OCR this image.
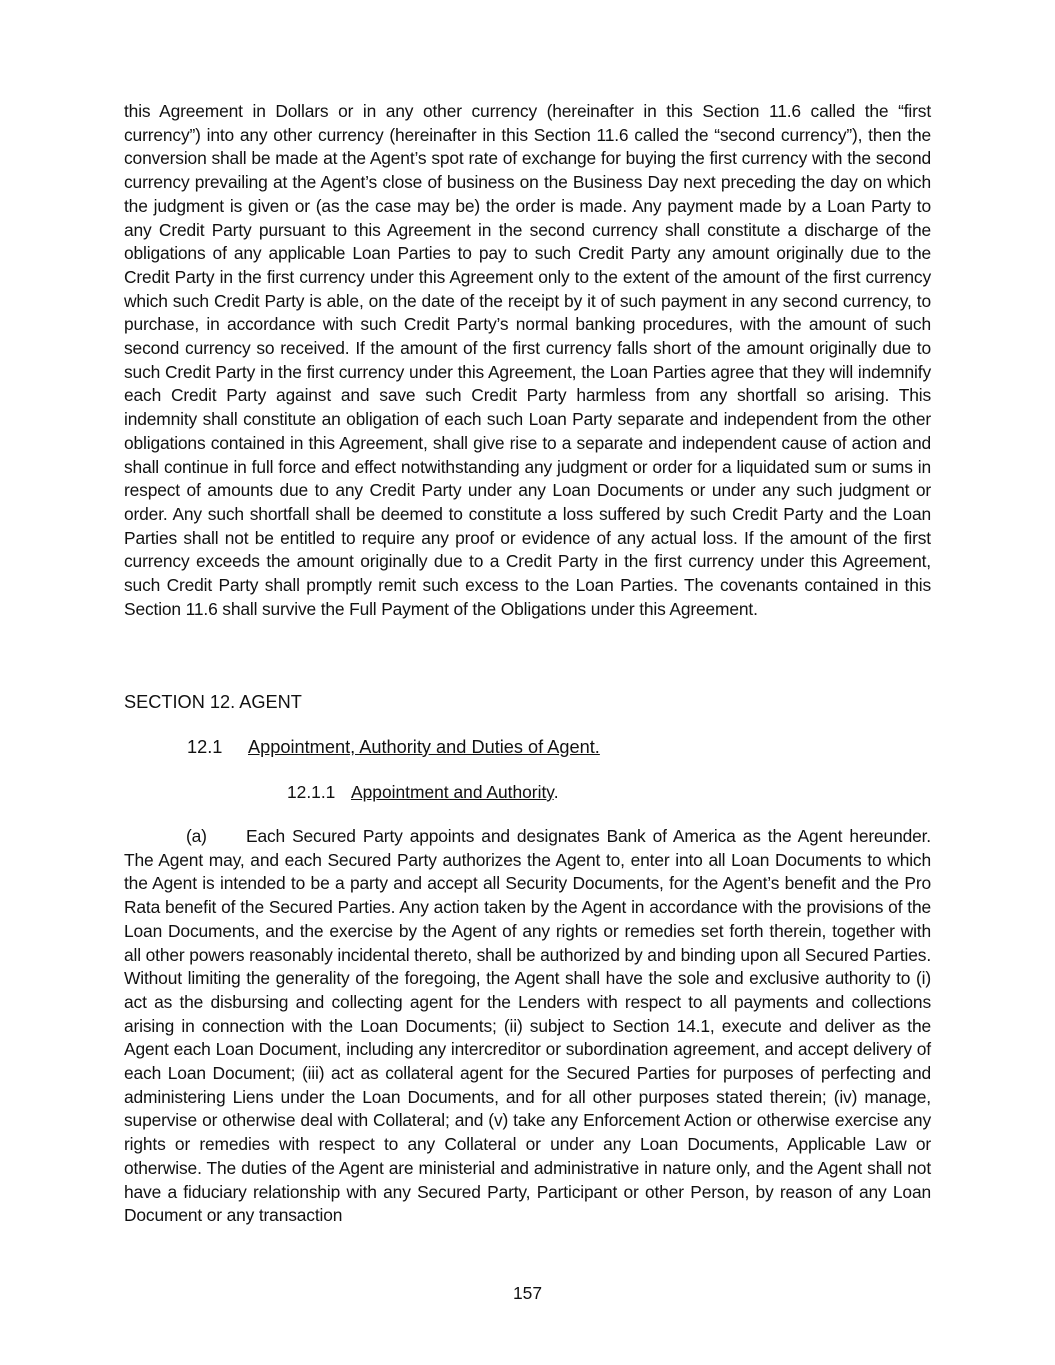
this Agreement in Dollars or in any other currency (hereinafter in this Section 11.6 called the “first currency”) into any other currency (hereinafter in this Section 11.6 called the “second currency”), then the conversion shall be made at the Agent’s spot rate of exchange for buying the first currency with the second currency prevailing at the Agent’s close of business on the Business Day next preceding the day on which the judgment is given or (as the case may be) the order is made. Any payment made by a Loan Party to any Credit Party pursuant to this Agreement in the second currency shall constitute a discharge of the obligations of any applicable Loan Parties to pay to such Credit Party any amount originally due to the Credit Party in the first currency under this Agreement only to the extent of the amount of the first currency which such Credit Party is able, on the date of the receipt by it of such payment in any second currency, to purchase, in accordance with such Credit Party’s normal banking procedures, with the amount of such second currency so received. If the amount of the first currency falls short of the amount originally due to such Credit Party in the first currency under this Agreement, the Loan Parties agree that they will indemnify each Credit Party against and save such Credit Party harmless from any shortfall so arising. This indemnity shall constitute an obligation of each such Loan Party separate and independent from the other obligations contained in this Agreement, shall give rise to a separate and independent cause of action and shall continue in full force and effect notwithstanding any judgment or order for a liquidated sum or sums in respect of amounts due to any Credit Party under any Loan Documents or under any such judgment or order. Any such shortfall shall be deemed to constitute a loss suffered by such Credit Party and the Loan Parties shall not be entitled to require any proof or evidence of any actual loss. If the amount of the first currency exceeds the amount originally due to a Credit Party in the first currency under this Agreement, such Credit Party shall promptly remit such excess to the Loan Parties. The covenants contained in this Section 11.6 shall survive the Full Payment of the Obligations under this Agreement.

SECTION 12. AGENT

12.1 Appointment, Authority and Duties of Agent.

12.1.1 Appointment and Authority.

(a) Each Secured Party appoints and designates Bank of America as the Agent hereunder. The Agent may, and each Secured Party authorizes the Agent to, enter into all Loan Documents to which the Agent is intended to be a party and accept all Security Documents, for the Agent’s benefit and the Pro Rata benefit of the Secured Parties. Any action taken by the Agent in accordance with the provisions of the Loan Documents, and the exercise by the Agent of any rights or remedies set forth therein, together with all other powers reasonably incidental thereto, shall be authorized by and binding upon all Secured Parties. Without limiting the generality of the foregoing, the Agent shall have the sole and exclusive authority to (i) act as the disbursing and collecting agent for the Lenders with respect to all payments and collections arising in connection with the Loan Documents; (ii) subject to Section 14.1, execute and deliver as the Agent each Loan Document, including any intercreditor or subordination agreement, and accept delivery of each Loan Document; (iii) act as collateral agent for the Secured Parties for purposes of perfecting and administering Liens under the Loan Documents, and for all other purposes stated therein; (iv) manage, supervise or otherwise deal with Collateral; and (v) take any Enforcement Action or otherwise exercise any rights or remedies with respect to any Collateral or under any Loan Documents, Applicable Law or otherwise. The duties of the Agent are ministerial and administrative in nature only, and the Agent shall not have a fiduciary relationship with any Secured Party, Participant or other Person, by reason of any Loan Document or any transaction

157
